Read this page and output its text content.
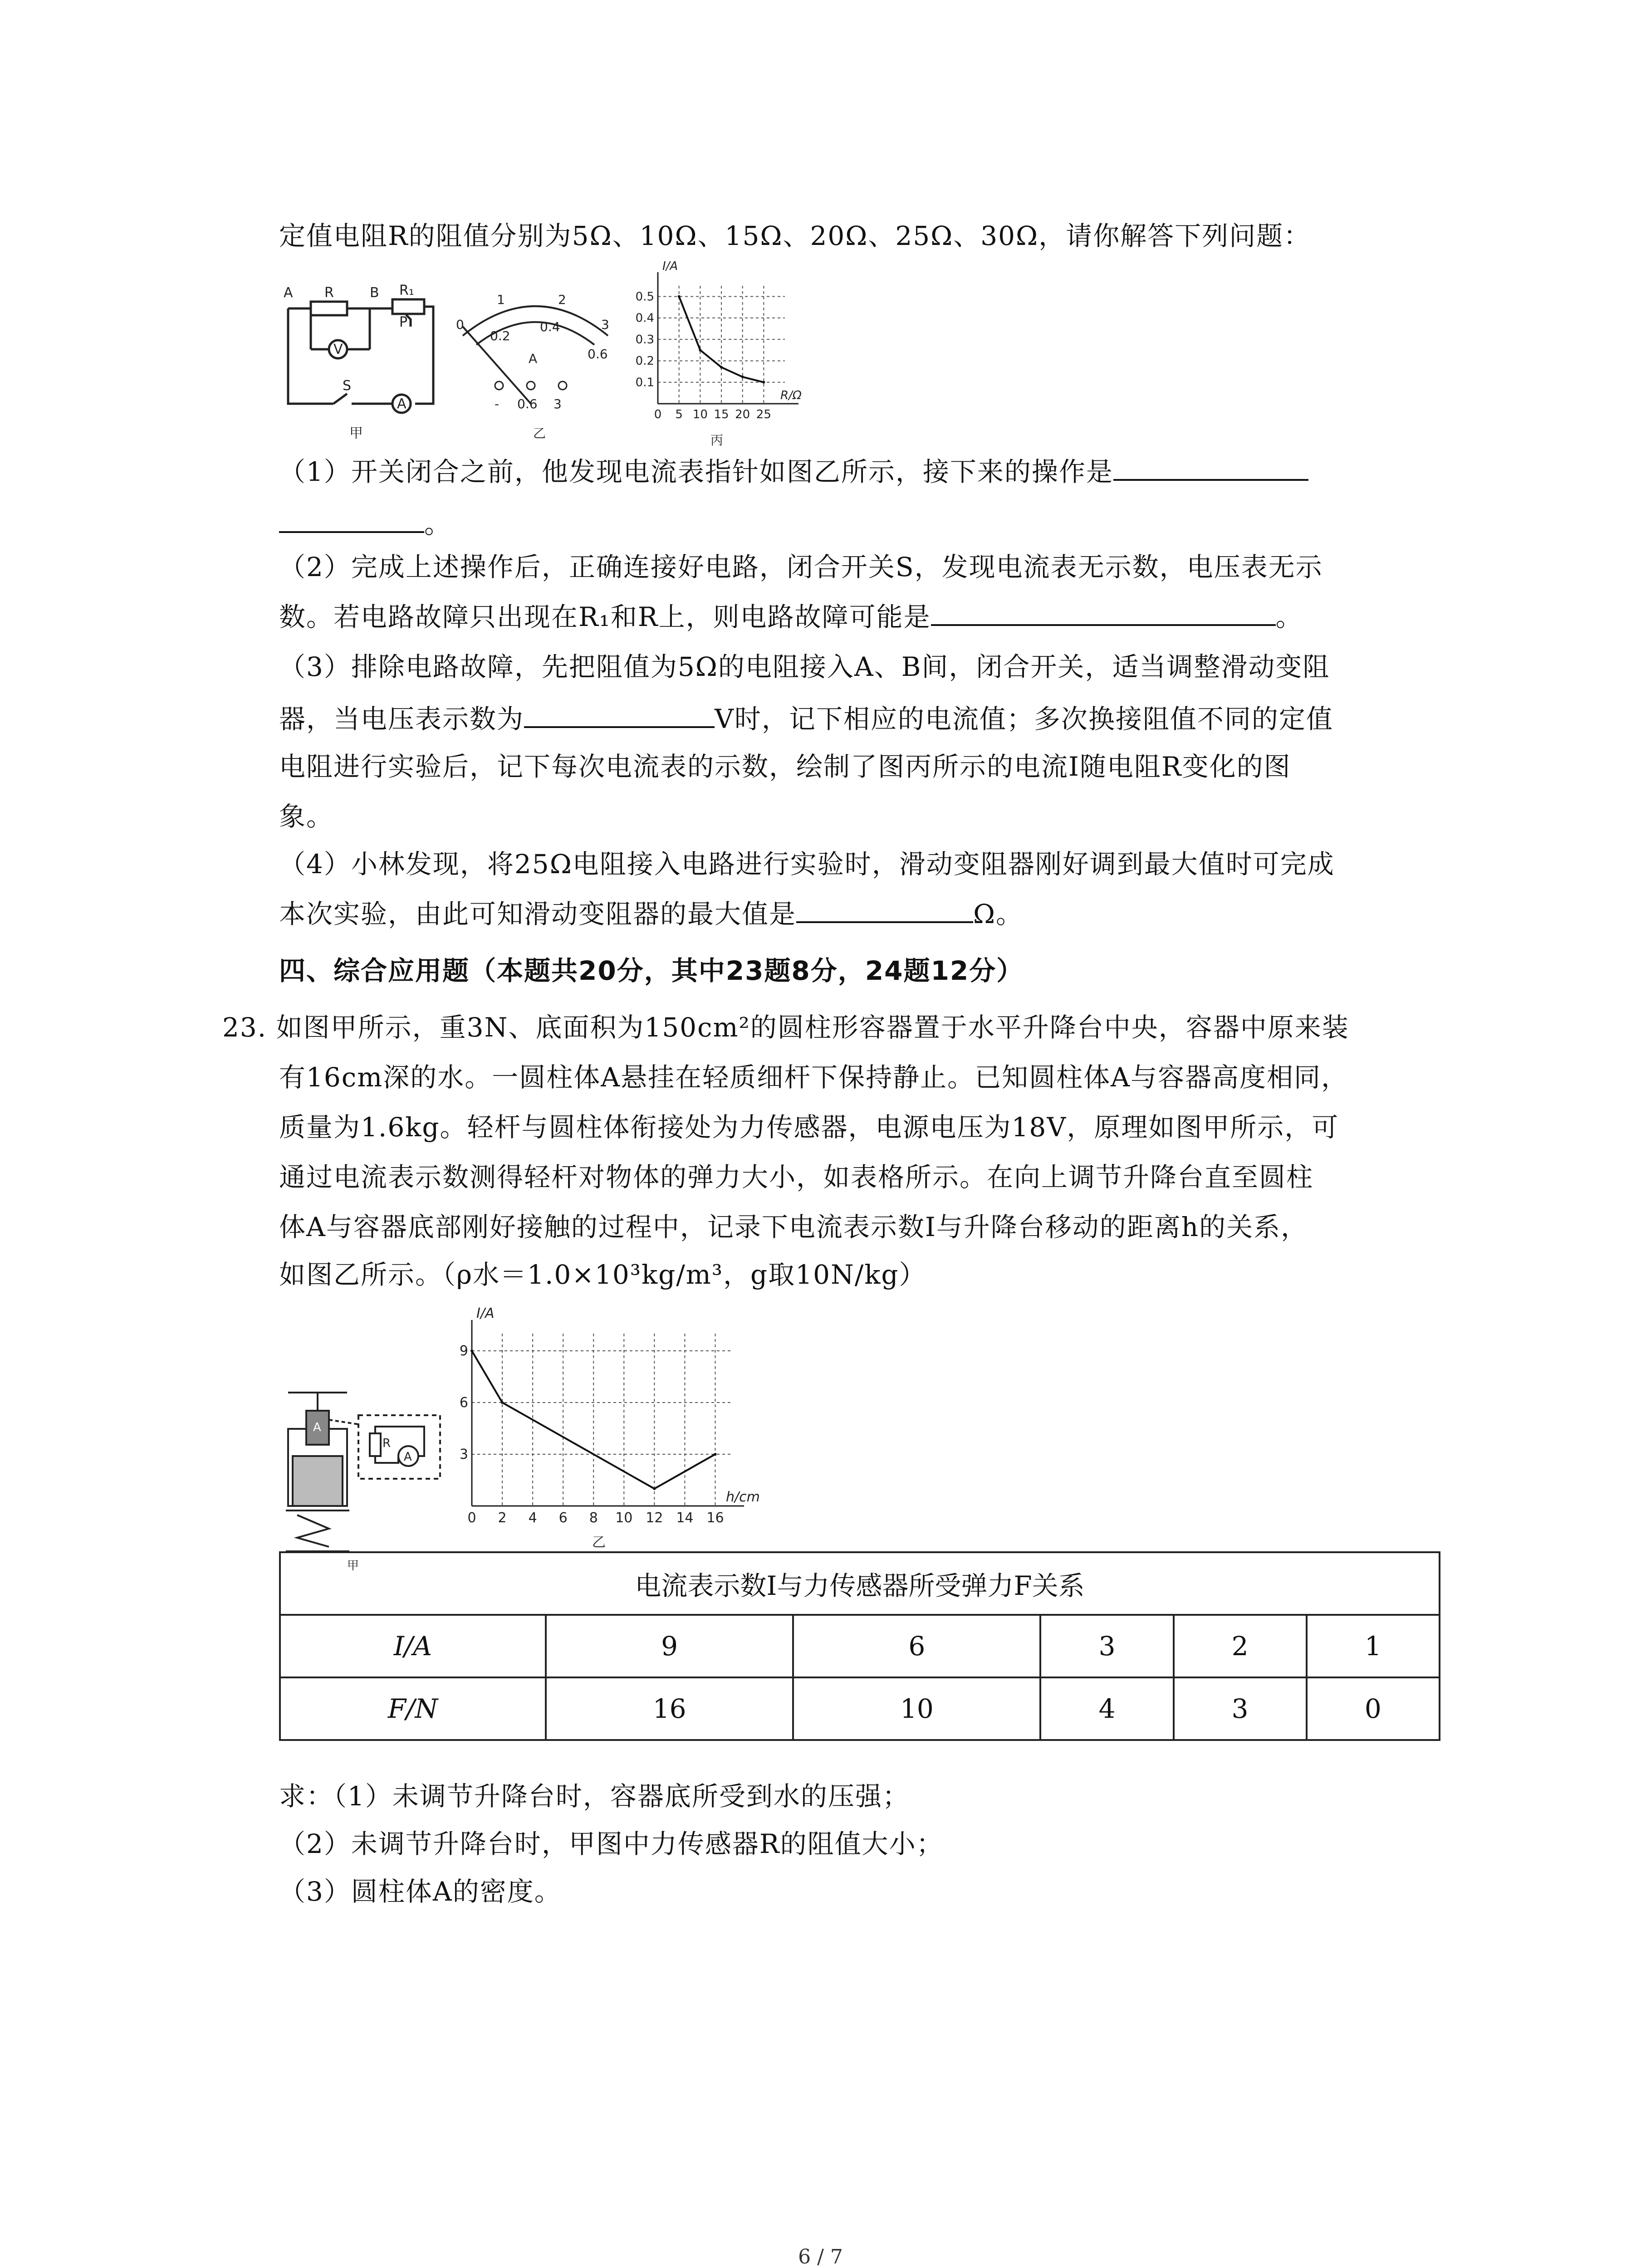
定值电阻R的阻值分别为5Ω、10Ω、15Ω、20Ω、25Ω、30Ω，请你解答下列问题：
A R	B R₁
P
V
S
A
甲
0
1	2
3
0.2
0.4
0.6
A
- 0.6 3
乙
0 5 10 15 20 25
0.1
0.2
0.3
0.4
0.5
I/A
R/Ω
丙
（1）开关闭合之前，他发现电流表指针如图乙所示，接下来的操作是
。
（2）完成上述操作后，正确连接好电路，闭合开关S，发现电流表无示数，电压表无示
数。若电路故障只出现在R₁和R上，则电路故障可能是	。
（3）排除电路故障，先把阻值为5Ω的电阻接入A、B间，闭合开关，适当调整滑动变阻
器，当电压表示数为	V时，记下相应的电流值；多次换接阻值不同的定值
电阻进行实验后，记下每次电流表的示数，绘制了图丙所示的电流I随电阻R变化的图
象。
（4）小林发现，将25Ω电阻接入电路进行实验时，滑动变阻器刚好调到最大值时可完成
本次实验，由此可知滑动变阻器的最大值是	Ω。
四、综合应用题（本题共20分，其中23题8分，24题12分）
23. 如图甲所示，重3N、底面积为150cm²的圆柱形容器置于水平升降台中央，容器中原来装
有16cm深的水。一圆柱体A悬挂在轻质细杆下保持静止。已知圆柱体A与容器高度相同，
质量为1.6kg。轻杆与圆柱体衔接处为力传感器，电源电压为18V，原理如图甲所示，可
通过电流表示数测得轻杆对物体的弹力大小，如表格所示。在向上调节升降台直至圆柱
体A与容器底部刚好接触的过程中，记录下电流表示数I与升降台移动的距离h的关系，
如图乙所示。（ρ水＝1.0×10³kg/m³，g取10N/kg）
A
R
A
甲
0 2 4 6 8 10 12 14 16
3
6
9
I/A
h/cm
乙
电流表示数I与力传感器所受弹力F关系					
I/A	9	6	3	2	1
F/N	16	10	4	3	0
求：（1）未调节升降台时，容器底所受到水的压强；
（2）未调节升降台时，甲图中力传感器R的阻值大小；
（3）圆柱体A的密度。
6 / 7
